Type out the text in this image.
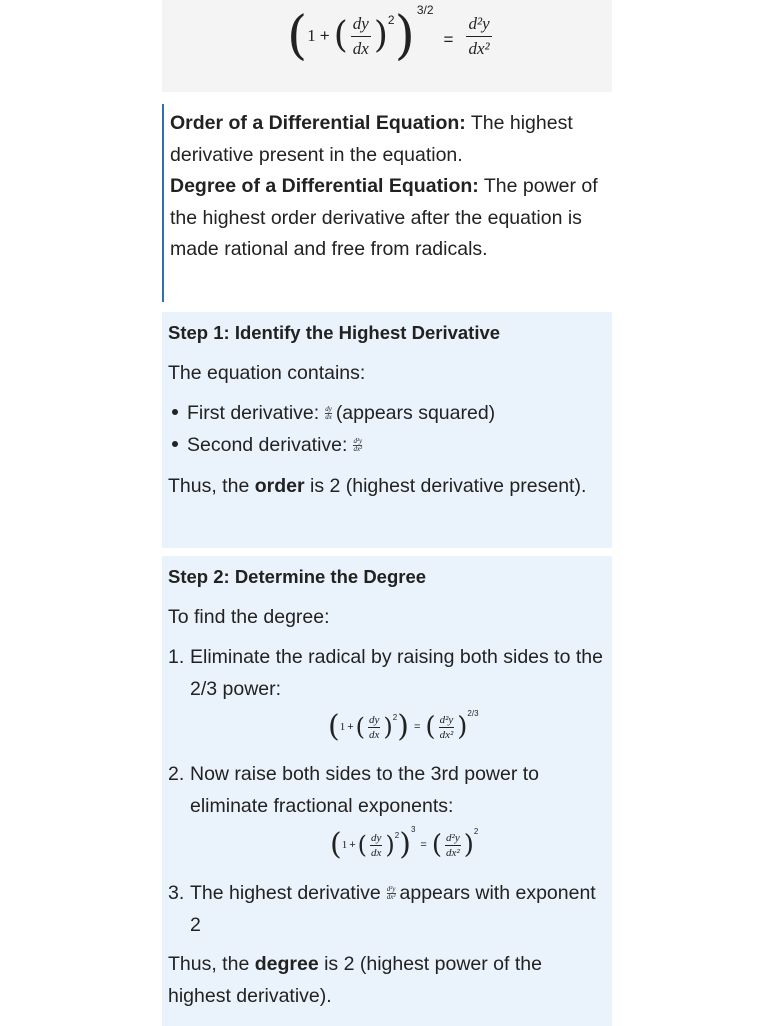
( 1 + ( $\frac{dy}{dx} )^2$ )$^{3/2}$
= $\frac{\text{d²y}}{\text{dx²}}$
Order of a Differential Equation: The highest derivative present in the equation.
Degree of a Differential Equation: The power of the highest order derivative after the equation is made rational and free from radicals.
Step 1: Identify the Highest Derivative
The equation contains:
First derivative: $\frac{dy}{dx}$ (appears squared)
Second derivative: $\frac{\text{d²y}}{\text{dx²}}$
Thus, the order is 2 (highest derivative present).
Step 2: Determine the Degree
To find the degree:
1. Eliminate the radical by raising both sides to the 2/3 power:
( 1 + ( $\frac{dy}{dx} )^2$ ) = ( $\frac{\text{d²y}}{\text{dx²}} )^{2/3}$
2. Now raise both sides to the 3rd power to eliminate fractional exponents:
( 1 + ( $\frac{dy}{dx} )^2$ )$^3$
= ( $\frac{\text{d²y}}{\text{dx²}} )^2$
3. The highest derivative $\frac{\text{d²y}}{\text{dx²}}$ appears with exponent 2
Thus, the degree is 2 (highest power of the highest derivative).
